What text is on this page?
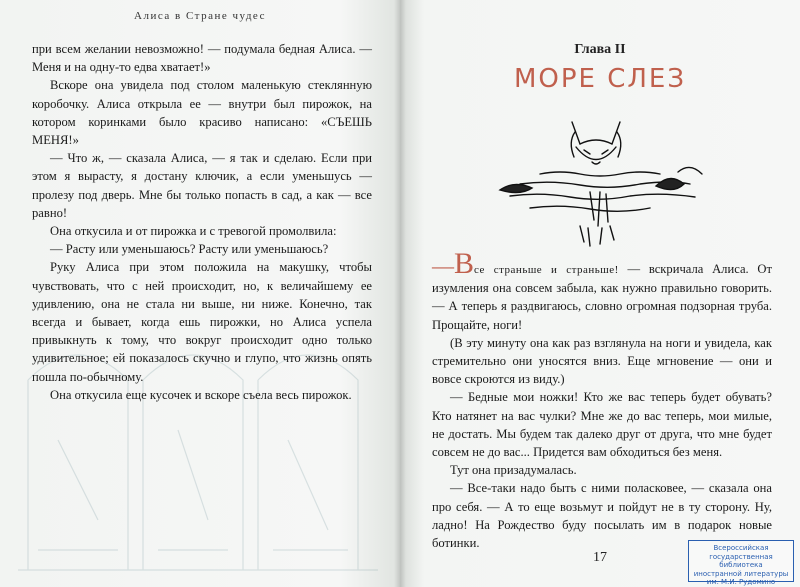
Алиса в Стране чудес

при всем желании невозможно! — подумала бедная Алиса. — Меня и на одну-то едва хватает!»

Вскоре она увидела под столом маленькую стеклянную коробочку. Алиса открыла ее — внутри был пирожок, на котором коринками было красиво написано: «СЪЕШЬ МЕНЯ!»

— Что ж, — сказала Алиса, — я так и сделаю. Если при этом я вырасту, я достану ключик, а если уменьшусь — пролезу под дверь. Мне бы только попасть в сад, а как — все равно!

Она откусила и от пирожка и с тревогой промолвила:

— Расту или уменьшаюсь? Расту или уменьшаюсь?

Руку Алиса при этом положила на макушку, чтобы чувствовать, что с ней происходит, но, к величайшему ее удивлению, она не стала ни выше, ни ниже. Конечно, так всегда и бывает, когда ешь пирожки, но Алиса успела привыкнуть к тому, что вокруг происходит одно только удивительное; ей показалось скучно и глупо, что жизнь опять пошла по-обычному.

Она откусила еще кусочек и вскоре съела весь пирожок.

Глава II
МОРЕ СЛЕЗ

—Все страньше и страньше! — вскричала Алиса. От изумления она совсем забыла, как нужно правильно говорить. — А теперь я раздвигаюсь, словно огромная подзорная труба. Прощайте, ноги!

(В эту минуту она как раз взглянула на ноги и увидела, как стремительно они уносятся вниз. Еще мгновение — они и вовсе скроются из виду.)

— Бедные мои ножки! Кто же вас теперь будет обувать? Кто натянет на вас чулки? Мне же до вас теперь, мои милые, не достать. Мы будем так далеко друг от друга, что мне будет совсем не до вас... Придется вам обходиться без меня.

Тут она призадумалась.

— Все-таки надо быть с ними поласковее, — сказала она про себя. — А то еще возьмут и пойдут не в ту сторону. Ну, ладно! На Рождество буду посылать им в подарок новые ботинки.

17
Всероссийская
государственная библиотека
иностранной литературы
им. М.И. Рудомино
